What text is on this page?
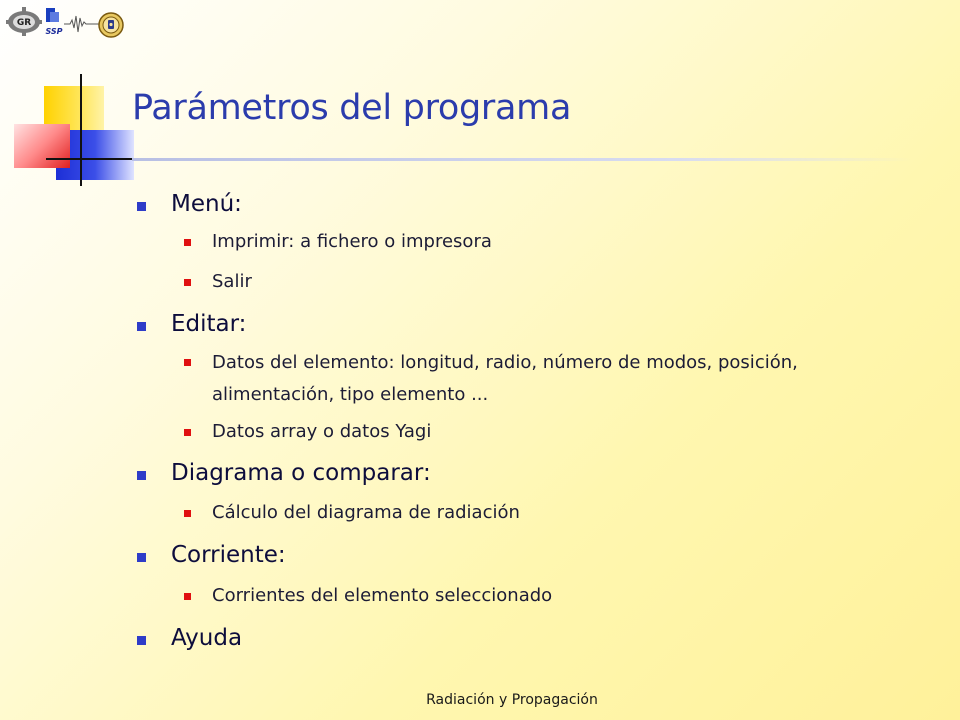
GR
SSP
Parámetros del programa
Menú:
Imprimir: a fichero o impresora
Salir
Editar:
Datos del elemento: longitud, radio, número de modos, posición, alimentación, tipo elemento ...
Datos array o datos Yagi
Diagrama o comparar:
Cálculo del diagrama de radiación
Corriente:
Corrientes del elemento seleccionado
Ayuda
Radiación y Propagación
